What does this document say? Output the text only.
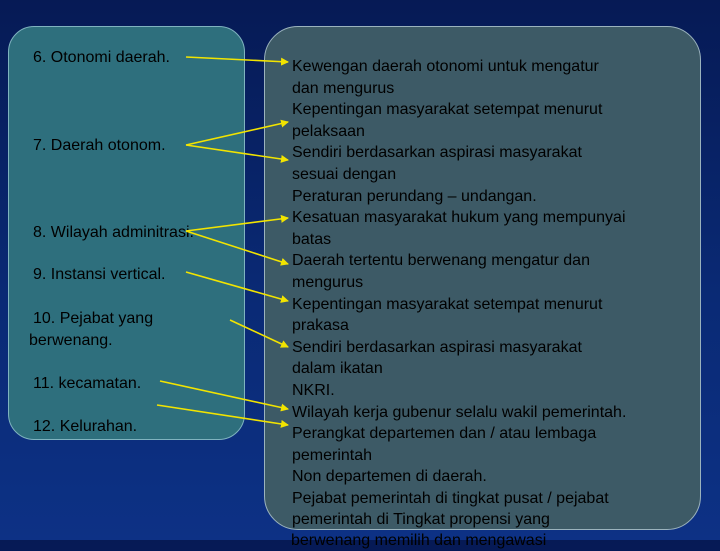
6. Otonomi daerah.
7. Daerah otonom.
8. Wilayah adminitrasi.
9. Instansi vertical.
10. Pejabat yang
berwenang.
11. kecamatan.
12. Kelurahan.
Kewengan daerah otonomi untuk mengatur
dan mengurus
Kepentingan masyarakat setempat menurut
pelaksaan
Sendiri berdasarkan aspirasi masyarakat
sesuai dengan
Peraturan perundang – undangan.
Kesatuan masyarakat hukum yang mempunyai
batas
Daerah tertentu berwenang mengatur dan
mengurus
Kepentingan masyarakat setempat menurut
prakasa
Sendiri berdasarkan aspirasi masyarakat
dalam ikatan
NKRI.
Wilayah kerja gubenur selalu wakil pemerintah.
Perangkat departemen dan / atau lembaga
pemerintah
Non departemen di daerah.
Pejabat pemerintah di tingkat pusat / pejabat
pemerintah di Tingkat propensi yang
berwenang memilih dan mengawasi
